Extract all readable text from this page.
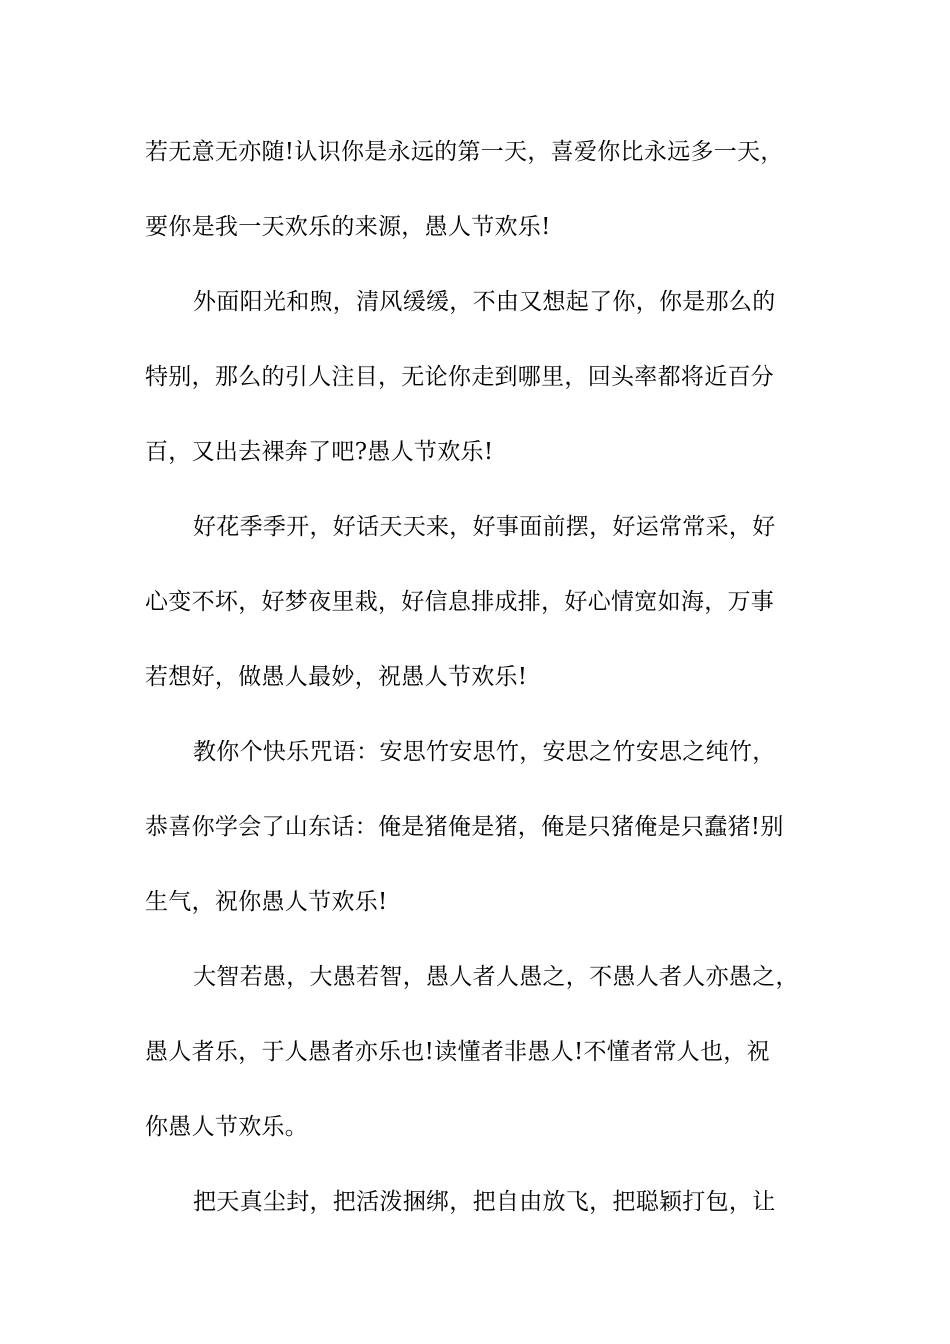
若无意无亦随!认识你是永远的第一天，喜爱你比永远多一天，
要你是我一天欢乐的来源，愚人节欢乐!
外面阳光和煦，清风缓缓，不由又想起了你，你是那么的
特别，那么的引人注目，无论你走到哪里，回头率都将近百分
百，又出去裸奔了吧?愚人节欢乐!
好花季季开，好话天天来，好事面前摆，好运常常采，好
心变不坏，好梦夜里栽，好信息排成排，好心情宽如海，万事
若想好，做愚人最妙，祝愚人节欢乐!
教你个快乐咒语：安思竹安思竹，安思之竹安思之纯竹，
恭喜你学会了山东话：俺是猪俺是猪，俺是只猪俺是只蠢猪!别
生气，祝你愚人节欢乐!
大智若愚，大愚若智，愚人者人愚之，不愚人者人亦愚之，
愚人者乐，于人愚者亦乐也!读懂者非愚人!不懂者常人也，祝
你愚人节欢乐。
把天真尘封，把活泼捆绑，把自由放飞，把聪颖打包，让
